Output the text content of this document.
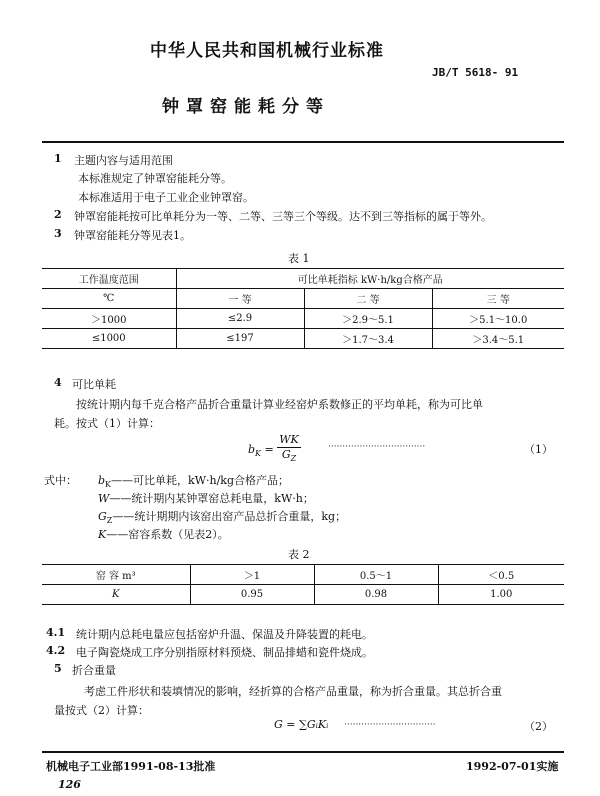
中华人民共和国机械行业标准
JB/T 5618- 91
钟罩窑能耗分等
1 主题内容与适用范围
本标准规定了钟罩窑能耗分等。
本标准适用于电子工业企业钟罩窑。
2 钟罩窑能耗按可比单耗分为一等、二等、三等三个等级。达不到三等指标的属于等外。
3 钟罩窑能耗分等见表1。
表 1
工作温度范围	可比单耗指标 kW·h/kg合格产品		
℃	一 等	二 等	三 等
＞1000	≤2.9	＞2.9～5.1	＞5.1～10.0
≤1000	≤197	＞1.7～3.4	＞3.4～5.1
4 可比单耗
按统计期内每千克合格产品折合重量计算业经窑炉系数修正的平均单耗，称为可比单
耗。按式（1）计算：
$b_K = \frac{WK}{G_Z}$	··································	（1）
式中： $b_K——$可比单耗，kW·h/kg合格产品；
W——统计期内某钟罩窑总耗电量，kW·h；
$G_Z——$统计期期内该窑出窑产品总折合重量，kg；
K——窑容系数（见表2）。
表 2
窑 容 m³	＞1	0.5～1	＜0.5
K	0.95	0.98	1.00
4.1 统计期内总耗电量应包括窑炉升温、保温及升降装置的耗电。
4.2 电子陶瓷烧成工序分别指原材料预烧、制品排蜡和瓷件烧成。
5 折合重量
考虑工件形状和装填情况的影响，经折算的合格产品重量，称为折合重量。其总折合重
量按式（2）计算：
G = ∑GᵢKᵢ ································	（2）
机械电子工业部1991-08-13批准	1992-07-01实施
126
